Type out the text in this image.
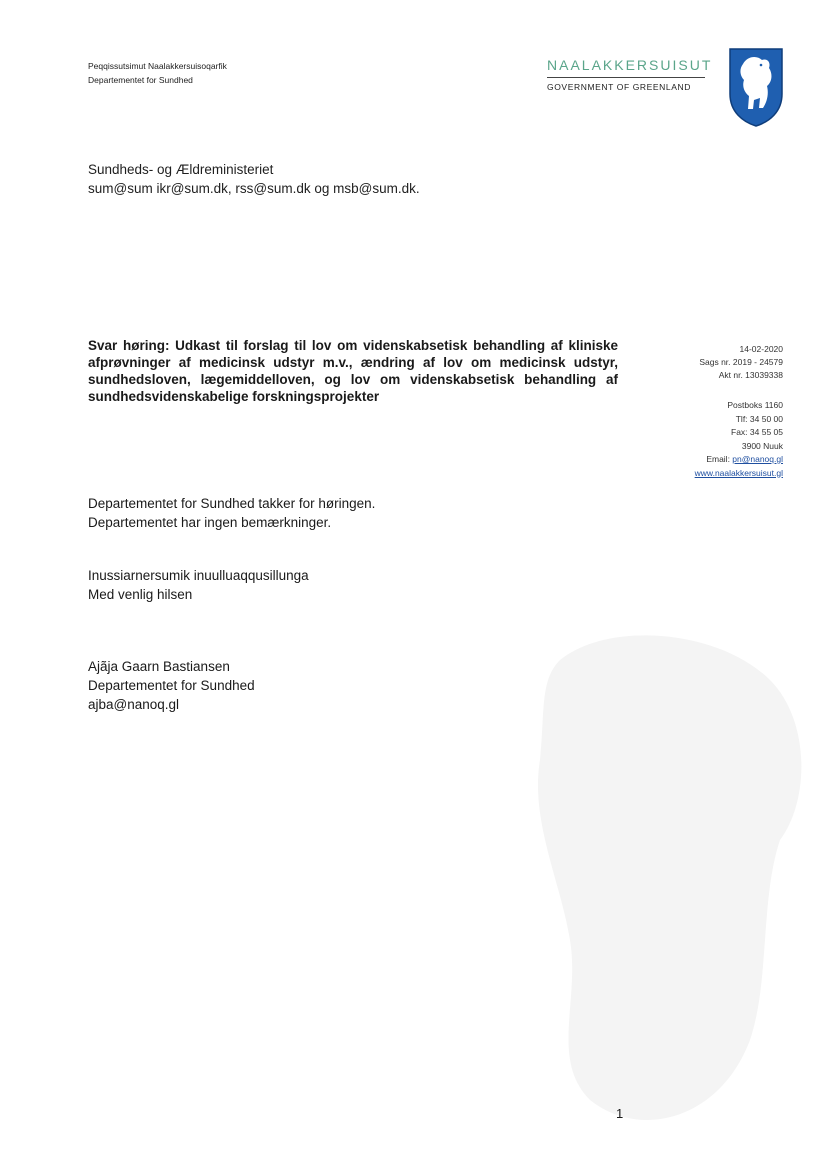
Peqqissutsimut Naalakkersuisoqarfik
Departementet for Sundhed
NAALAKKERSUISUT
GOVERNMENT OF GREENLAND
Sundheds- og Ældreministeriet
sum@sum ikr@sum.dk, rss@sum.dk og msb@sum.dk.
Svar høring: Udkast til forslag til lov om videnskabsetisk behandling af kliniske afprøvninger af medicinsk udstyr m.v., ændring af lov om medicinsk udstyr, sundhedsloven, lægemiddelloven, og lov om videnskabsetisk behandling af sundhedsvidenskabelige forskningsprojekter
14-02-2020
Sags nr. 2019 - 24579
Akt nr. 13039338
Postboks 1160
Tlf: 34 50 00
Fax: 34 55 05
3900 Nuuk
Email: pn@nanoq.gl
www.naalakkersuisut.gl
Departementet for Sundhed takker for høringen.
Departementet har ingen bemærkninger.
Inussiarnersumik inuulluaqqusillunga
Med venlig hilsen
Ajãja Gaarn Bastiansen
Departementet for Sundhed
ajba@nanoq.gl
1
